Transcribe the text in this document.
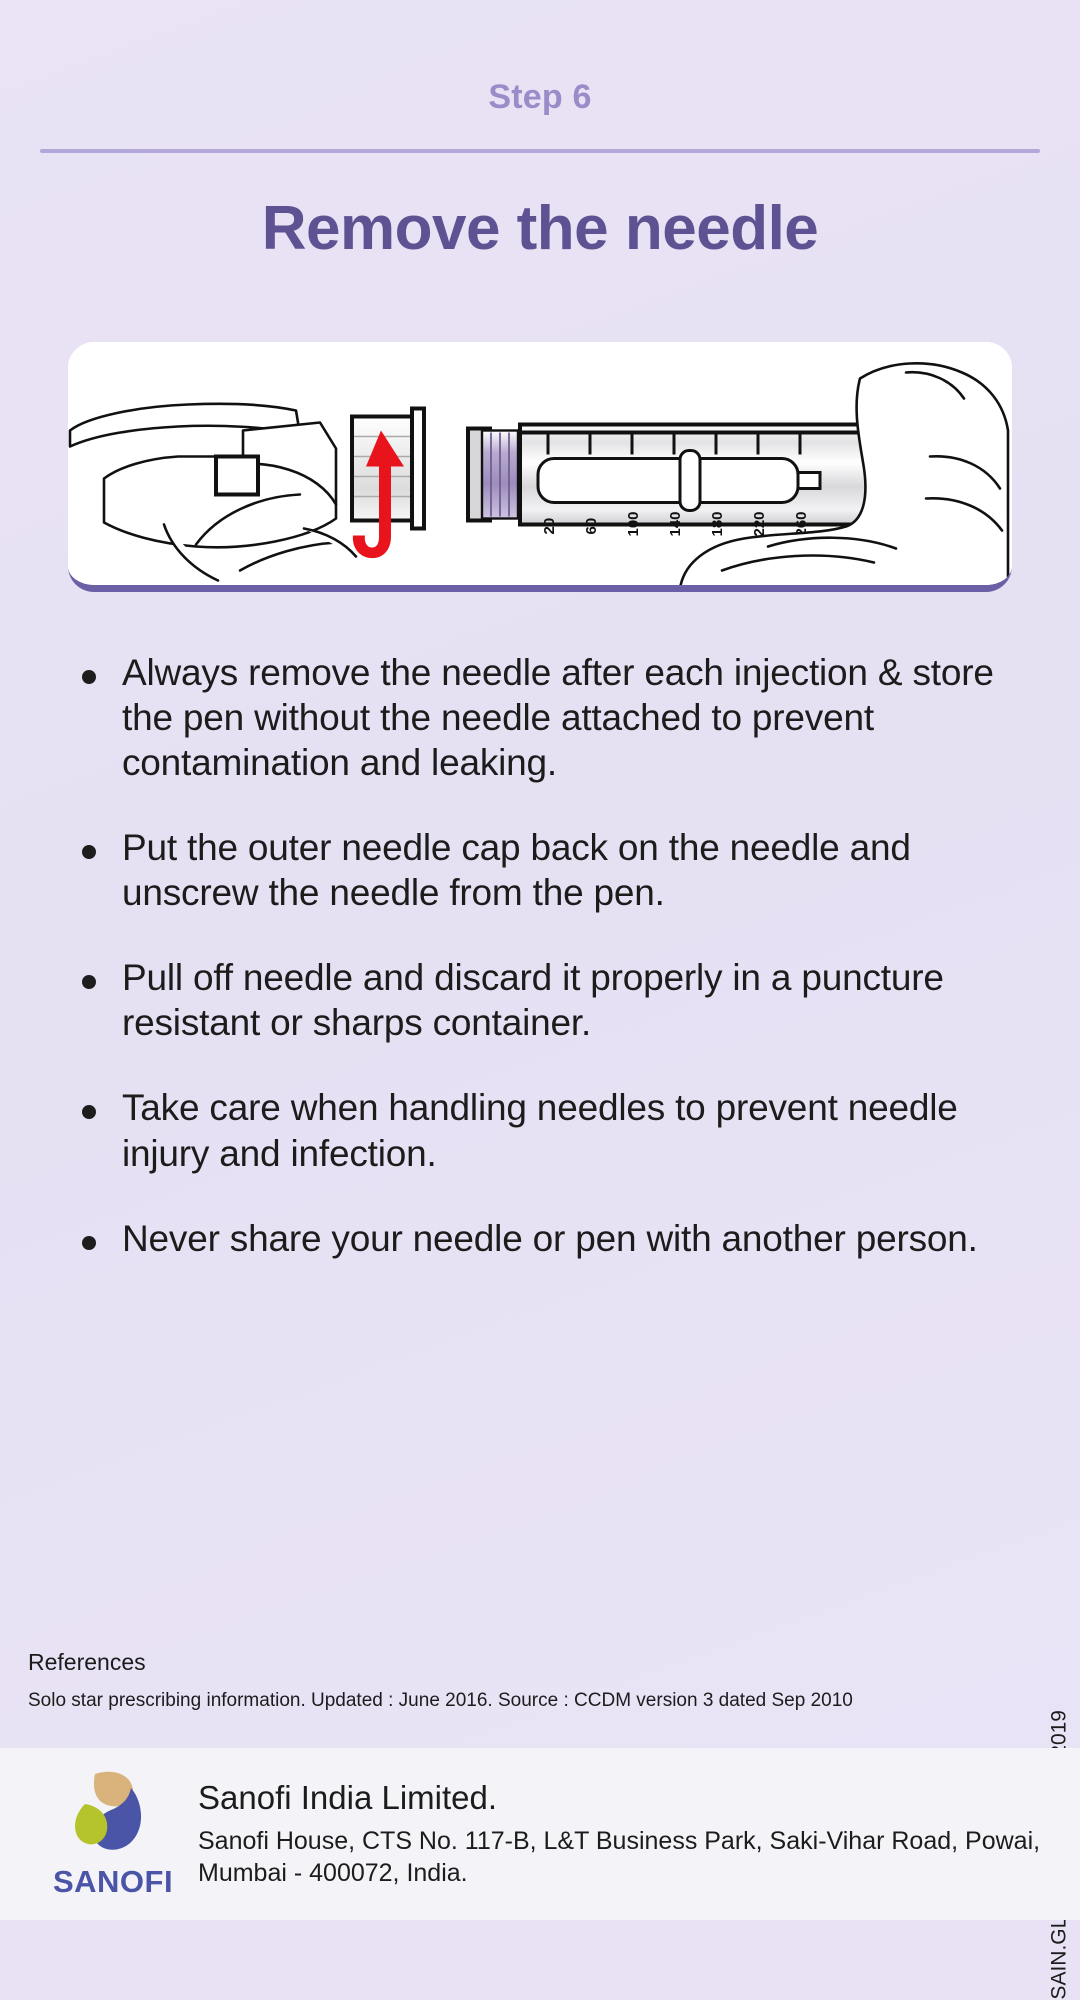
Step 6
Remove the needle
20 60 100 140 180 220 260
Always remove the needle after each injection & store the pen without the needle attached to prevent contamination and leaking.
Put the outer needle cap back on the needle and unscrew the needle from the pen.
Pull off needle and discard it properly in a puncture resistant or sharps container.
Take care when handling needles to prevent needle injury and infection.
Never share your needle or pen with another person.
References
Solo star prescribing information. Updated : June 2016. Source : CCDM version 3 dated Sep 2010
SANOFI
Sanofi India Limited.
Sanofi House, CTS No. 117-B, L&T Business Park, Saki-Vihar Road, Powai,
Mumbai - 400072, India.
